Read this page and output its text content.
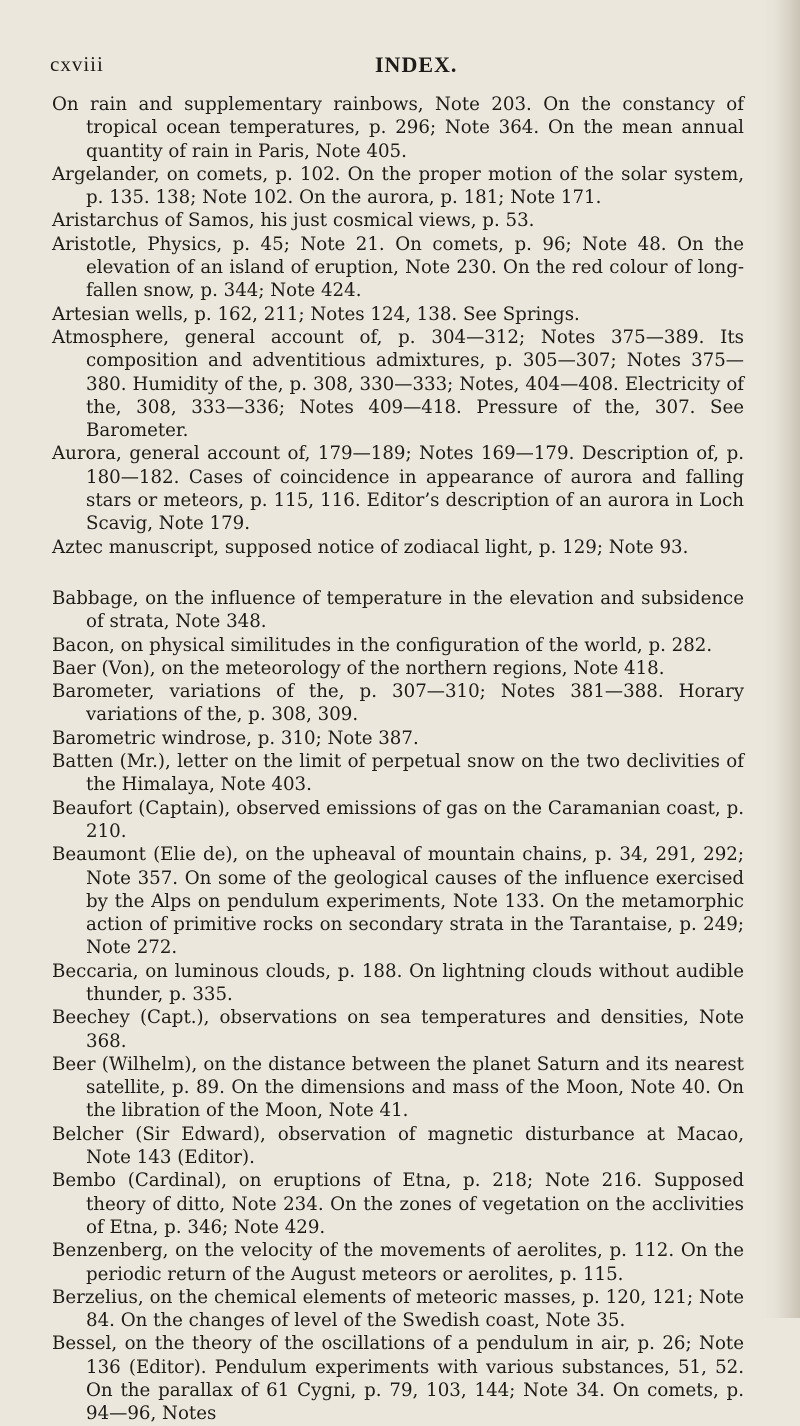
cxviii	INDEX.

On rain and supplementary rainbows, Note 203. On the constancy of tropical ocean temperatures, p. 296; Note 364. On the mean annual quantity of rain in Paris, Note 405.

Argelander, on comets, p. 102. On the proper motion of the solar system, p. 135. 138; Note 102. On the aurora, p. 181; Note 171.

Aristarchus of Samos, his just cosmical views, p. 53.

Aristotle, Physics, p. 45; Note 21. On comets, p. 96; Note 48. On the elevation of an island of eruption, Note 230. On the red colour of long-fallen snow, p. 344; Note 424.

Artesian wells, p. 162, 211; Notes 124, 138. See Springs.

Atmosphere, general account of, p. 304—312; Notes 375—389. Its composition and adventitious admixtures, p. 305—307; Notes 375—380. Humidity of the, p. 308, 330—333; Notes, 404—408. Electricity of the, 308, 333—336; Notes 409—418. Pressure of the, 307. See Barometer.

Aurora, general account of, 179—189; Notes 169—179. Description of, p. 180—182. Cases of coincidence in appearance of aurora and falling stars or meteors, p. 115, 116. Editor’s description of an aurora in Loch Scavig, Note 179.

Aztec manuscript, supposed notice of zodiacal light, p. 129; Note 93.

Babbage, on the influence of temperature in the elevation and subsidence of strata, Note 348.

Bacon, on physical similitudes in the configuration of the world, p. 282.

Baer (Von), on the meteorology of the northern regions, Note 418.

Barometer, variations of the, p. 307—310; Notes 381—388. Horary variations of the, p. 308, 309.

Barometric windrose, p. 310; Note 387.

Batten (Mr.), letter on the limit of perpetual snow on the two declivities of the Himalaya, Note 403.

Beaufort (Captain), observed emissions of gas on the Caramanian coast, p. 210.

Beaumont (Elie de), on the upheaval of mountain chains, p. 34, 291, 292; Note 357. On some of the geological causes of the influence exercised by the Alps on pendulum experiments, Note 133. On the metamorphic action of primitive rocks on secondary strata in the Tarantaise, p. 249; Note 272.

Beccaria, on luminous clouds, p. 188. On lightning clouds without audible thunder, p. 335.

Beechey (Capt.), observations on sea temperatures and densities, Note 368.

Beer (Wilhelm), on the distance between the planet Saturn and its nearest satellite, p. 89. On the dimensions and mass of the Moon, Note 40. On the libration of the Moon, Note 41.

Belcher (Sir Edward), observation of magnetic disturbance at Macao, Note 143 (Editor).

Bembo (Cardinal), on eruptions of Etna, p. 218; Note 216. Supposed theory of ditto, Note 234. On the zones of vegetation on the acclivities of Etna, p. 346; Note 429.

Benzenberg, on the velocity of the movements of aerolites, p. 112. On the periodic return of the August meteors or aerolites, p. 115.

Berzelius, on the chemical elements of meteoric masses, p. 120, 121; Note 84. On the changes of level of the Swedish coast, Note 35.

Bessel, on the theory of the oscillations of a pendulum in air, p. 26; Note 136 (Editor). Pendulum experiments with various substances, 51, 52. On the parallax of 61 Cygni, p. 79, 103, 144; Note 34. On comets, p. 94—96, Notes
